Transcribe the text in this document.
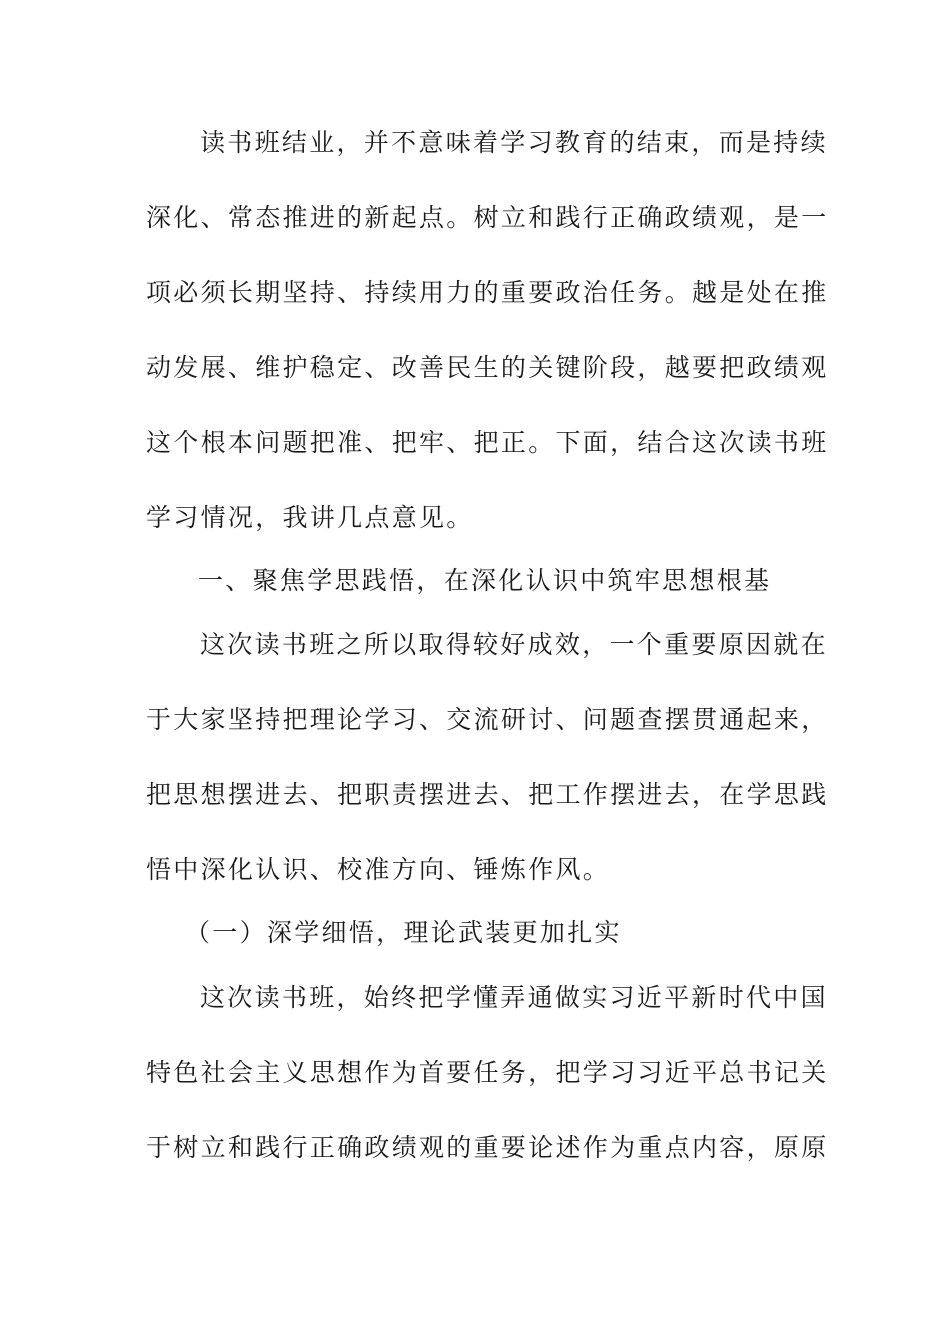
读书班结业，并不意味着学习教育的结束，而是持续
深化、常态推进的新起点。树立和践行正确政绩观，是一
项必须长期坚持、持续用力的重要政治任务。越是处在推
动发展、维护稳定、改善民生的关键阶段，越要把政绩观
这个根本问题把准、把牢、把正。下面，结合这次读书班
学习情况，我讲几点意见。
一、聚焦学思践悟，在深化认识中筑牢思想根基
这次读书班之所以取得较好成效，一个重要原因就在
于大家坚持把理论学习、交流研讨、问题查摆贯通起来，
把思想摆进去、把职责摆进去、把工作摆进去，在学思践
悟中深化认识、校准方向、锤炼作风。
（一）深学细悟，理论武装更加扎实
这次读书班，始终把学懂弄通做实习近平新时代中国
特色社会主义思想作为首要任务，把学习习近平总书记关
于树立和践行正确政绩观的重要论述作为重点内容，原原
